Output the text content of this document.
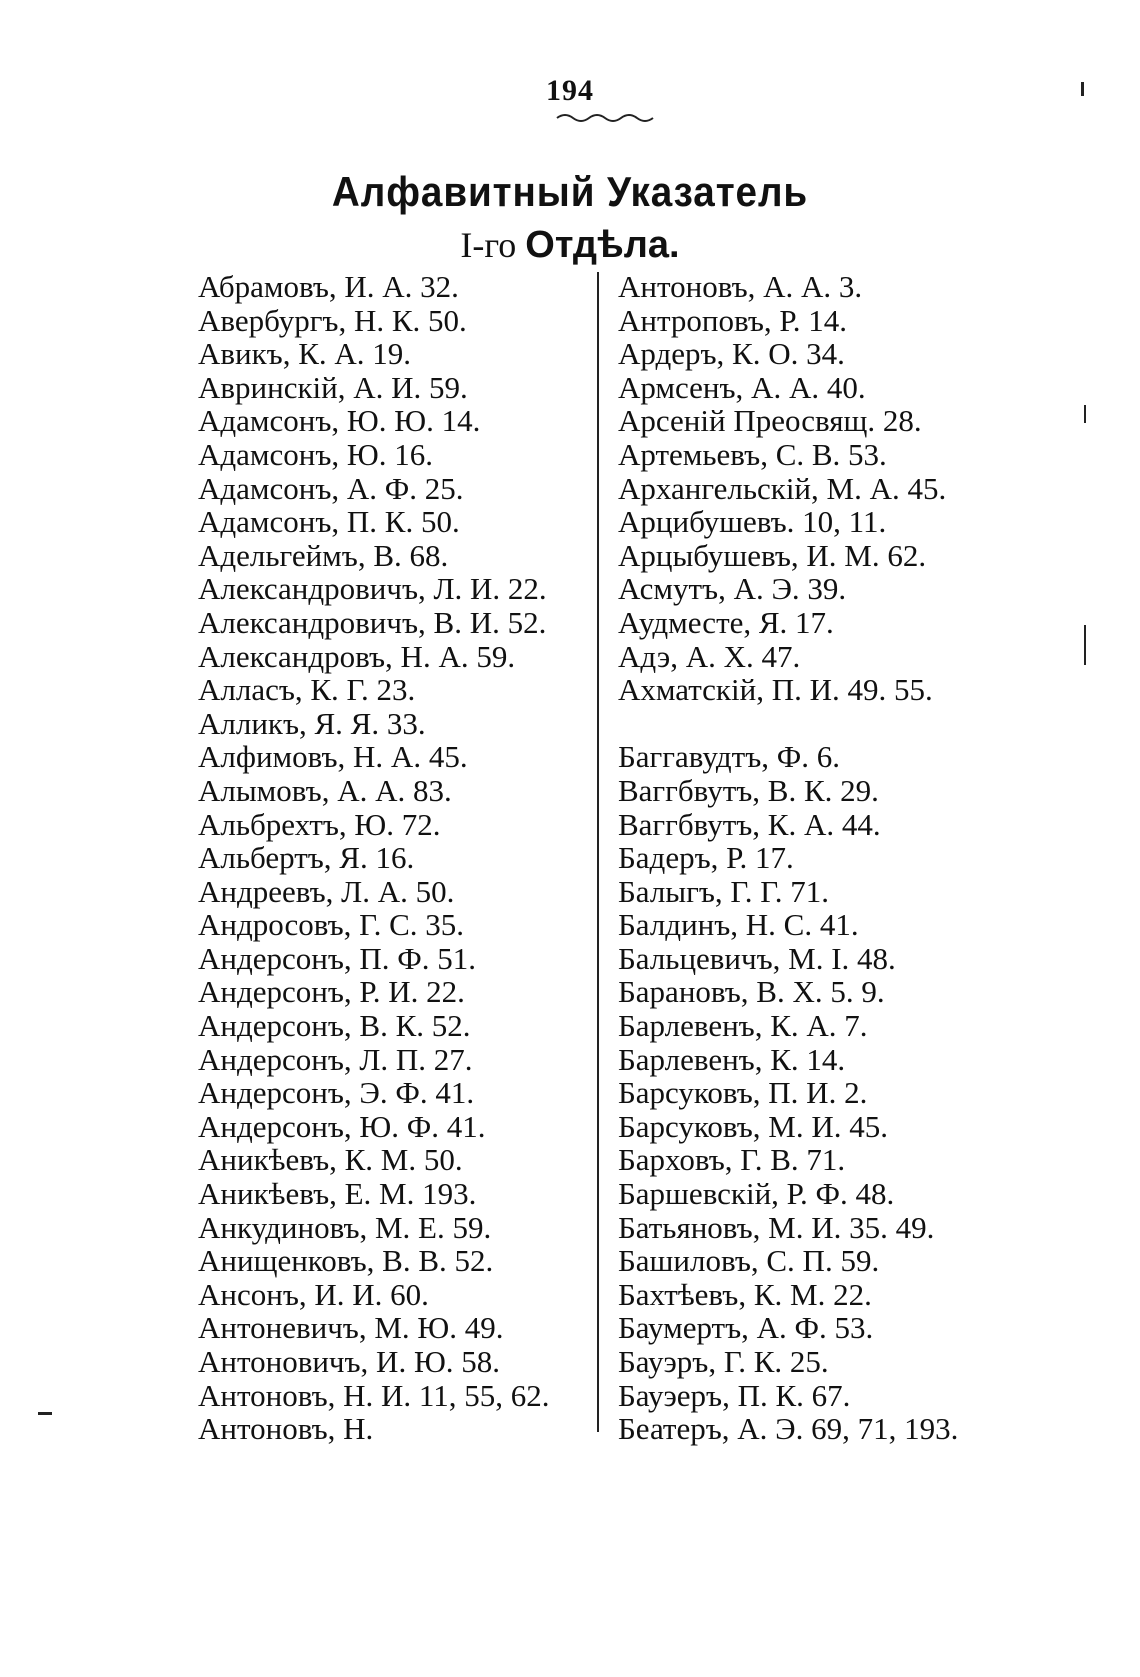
194
Алфавитный Указатель
I-го Отдѣла.
Абрамовъ, И. А. 32.
Авербургъ, Н. К. 50.
Авикъ, К. А. 19.
Авринскій, А. И. 59.
Адамсонъ, Ю. Ю. 14.
Адамсонъ, Ю. 16.
Адамсонъ, А. Ф. 25.
Адамсонъ, П. К. 50.
Адельгеймъ, В. 68.
Александровичъ, Л. И. 22.
Александровичъ, В. И. 52.
Александровъ, Н. А. 59.
Алласъ, К. Г. 23.
Алликъ, Я. Я. 33.
Алфимовъ, Н. А. 45.
Алымовъ, А. А. 83.
Альбрехтъ, Ю. 72.
Альбертъ, Я. 16.
Андреевъ, Л. А. 50.
Андросовъ, Г. С. 35.
Андерсонъ, П. Ф. 51.
Андерсонъ, Р. И. 22.
Андерсонъ, В. К. 52.
Андерсонъ, Л. П. 27.
Андерсонъ, Э. Ф. 41.
Андерсонъ, Ю. Ф. 41.
Аникѣевъ, К. М. 50.
Аникѣевъ, Е. М. 193.
Анкудиновъ, М. Е. 59.
Анищенковъ, В. В. 52.
Ансонъ, И. И. 60.
Антоневичъ, М. Ю. 49.
Антоновичъ, И. Ю. 58.
Антоновъ, Н. И. 11, 55, 62.
Антоновъ, Н.
Антоновъ, А. А. 3.
Антроповъ, Р. 14.
Ардеръ, К. О. 34.
Армсенъ, А. А. 40.
Арсеній Преосвящ. 28.
Артемьевъ, С. В. 53.
Архангельскій, М. А. 45.
Арцибушевъ. 10, 11.
Арцыбушевъ, И. М. 62.
Асмутъ, А. Э. 39.
Аудместе, Я. 17.
Адэ, А. Х. 47.
Ахматскій, П. И. 49. 55.
Баггавудтъ, Ф. 6.
Ваггбвутъ, В. К. 29.
Ваггбвутъ, К. А. 44.
Бадеръ, Р. 17.
Балыгъ, Г. Г. 71.
Балдинъ, Н. С. 41.
Бальцевичъ, М. І. 48.
Барановъ, В. Х. 5. 9.
Барлевенъ, К. А. 7.
Барлевенъ, К. 14.
Барсуковъ, П. И. 2.
Барсуковъ, М. И. 45.
Барховъ, Г. В. 71.
Баршевскій, Р. Ф. 48.
Батьяновъ, М. И. 35. 49.
Башиловъ, С. П. 59.
Бахтѣевъ, К. М. 22.
Баумертъ, А. Ф. 53.
Бауэръ, Г. К. 25.
Бауэеръ, П. К. 67.
Беатеръ, А. Э. 69, 71, 193.
